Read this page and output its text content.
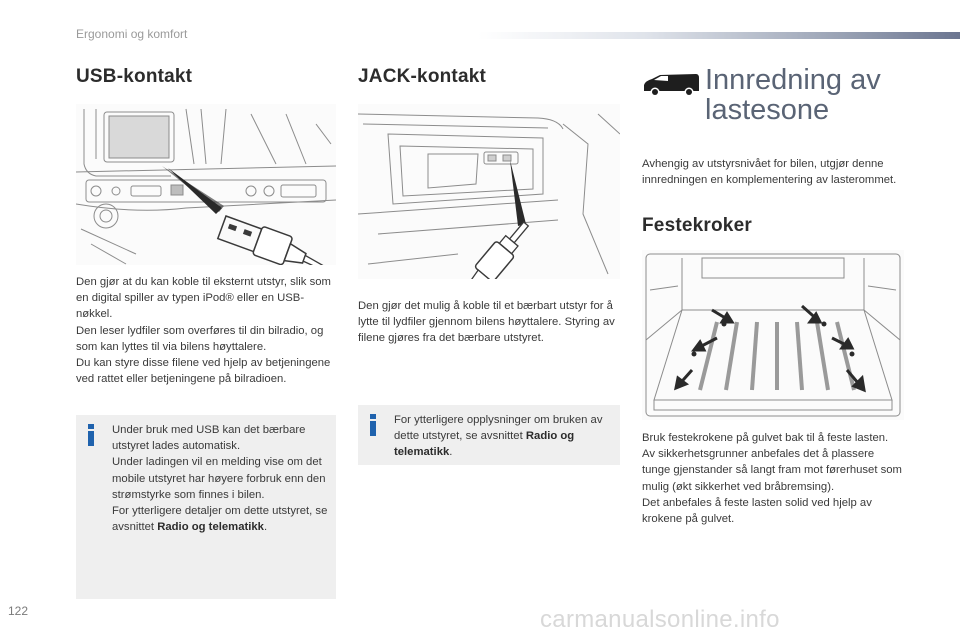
Ergonomi og komfort
USB-kontakt

Den gjør at du kan koble til eksternt utstyr, slik som en digital spiller av typen iPod® eller en USB-nøkkel.

Den leser lydfiler som overføres til din bilradio, og som kan lyttes til via bilens høyttalere.

Du kan styre disse filene ved hjelp av betjeningene ved rattet eller betjeningene på bilradioen.

Under bruk med USB kan det bærbare utstyret lades automatisk.
Under ladingen vil en melding vise om det mobile utstyret har høyere forbruk enn den strømstyrke som finnes i bilen.
For ytterligere detaljer om dette utstyret, se avsnittet Radio og telematikk.
JACK-kontakt

Den gjør det mulig å koble til et bærbart utstyr for å lytte til lydfiler gjennom bilens høyttalere. Styring av filene gjøres fra det bærbare utstyret.

For ytterligere opplysninger om bruken av dette utstyret, se avsnittet Radio og telematikk.
Innredning av
lastesone

Avhengig av utstyrsnivået for bilen, utgjør denne innredningen en komplementering av lasterommet.

Festekroker

Bruk festekrokene på gulvet bak til å feste lasten.

Av sikkerhetsgrunner anbefales det å plassere tunge gjenstander så langt fram mot førerhuset som mulig (økt sikkerhet ved bråbremsing).

Det anbefales å feste lasten solid ved hjelp av krokene på gulvet.

122	carmanualsonline.info
